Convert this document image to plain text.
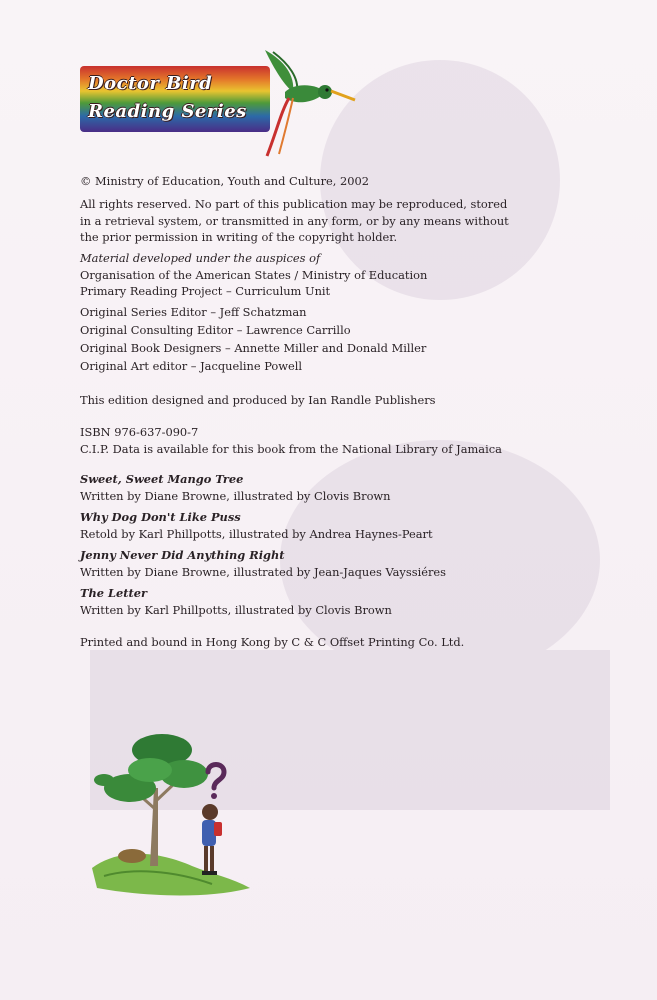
Doctor Bird
Reading Series

© Ministry of Education, Youth and Culture, 2002

All rights reserved. No part of this publication may be reproduced, stored in a retrieval system, or transmitted in any form, or by any means without the prior permission in writing of the copyright holder.

Material developed under the auspices of

Organisation of the American States / Ministry of Education

Primary Reading Project – Curriculum Unit

Original Series Editor – Jeff Schatzman

Original Consulting Editor – Lawrence Carrillo

Original Book Designers – Annette Miller and Donald Miller

Original Art editor – Jacqueline Powell

This edition designed and produced by Ian Randle Publishers

ISBN 976-637-090-7

C.I.P. Data is available for this book from the National Library of Jamaica

Sweet, Sweet Mango Tree

Written by Diane Browne, illustrated by Clovis Brown

Why Dog Don't Like Puss

Retold by Karl Phillpotts, illustrated by Andrea Haynes-Peart

Jenny Never Did Anything Right

Written by Diane Browne, illustrated by Jean-Jaques Vayssiéres

The Letter

Written by Karl Phillpotts, illustrated by Clovis Brown

Printed and bound in Hong Kong by C & C Offset Printing Co. Ltd.
